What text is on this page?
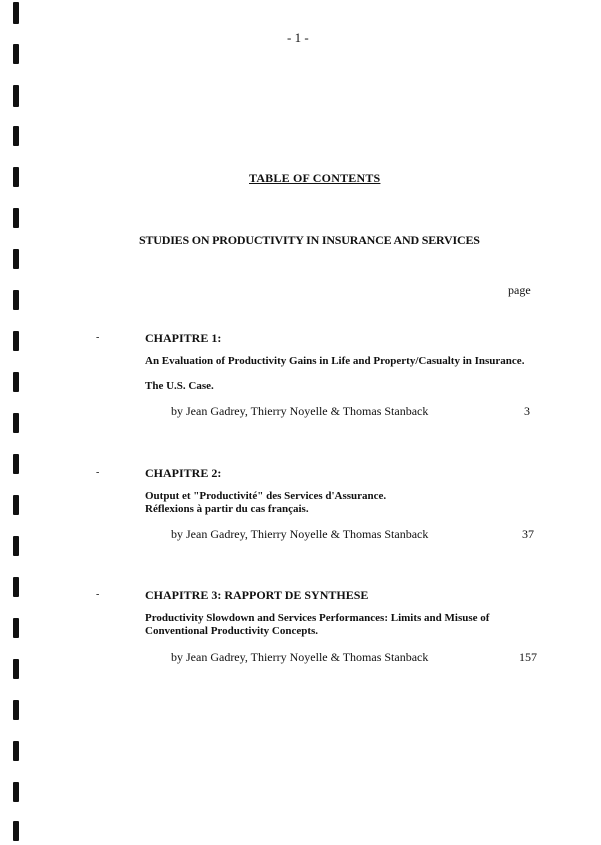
- 1 -
TABLE OF CONTENTS
STUDIES ON PRODUCTIVITY IN INSURANCE AND SERVICES
page
-	CHAPITRE 1:
An Evaluation of Productivity Gains in Life and Property/Casualty in Insurance.
The U.S. Case.
by Jean Gadrey, Thierry Noyelle & Thomas Stanback	3
-	CHAPITRE 2:
Output et "Productivité" des Services d'Assurance.
Réflexions à partir du cas français.
by Jean Gadrey, Thierry Noyelle & Thomas Stanback	37
-	CHAPITRE 3: RAPPORT DE SYNTHESE
Productivity Slowdown and Services Performances: Limits and Misuse of Conventional Productivity Concepts.
by Jean Gadrey, Thierry Noyelle & Thomas Stanback	157
